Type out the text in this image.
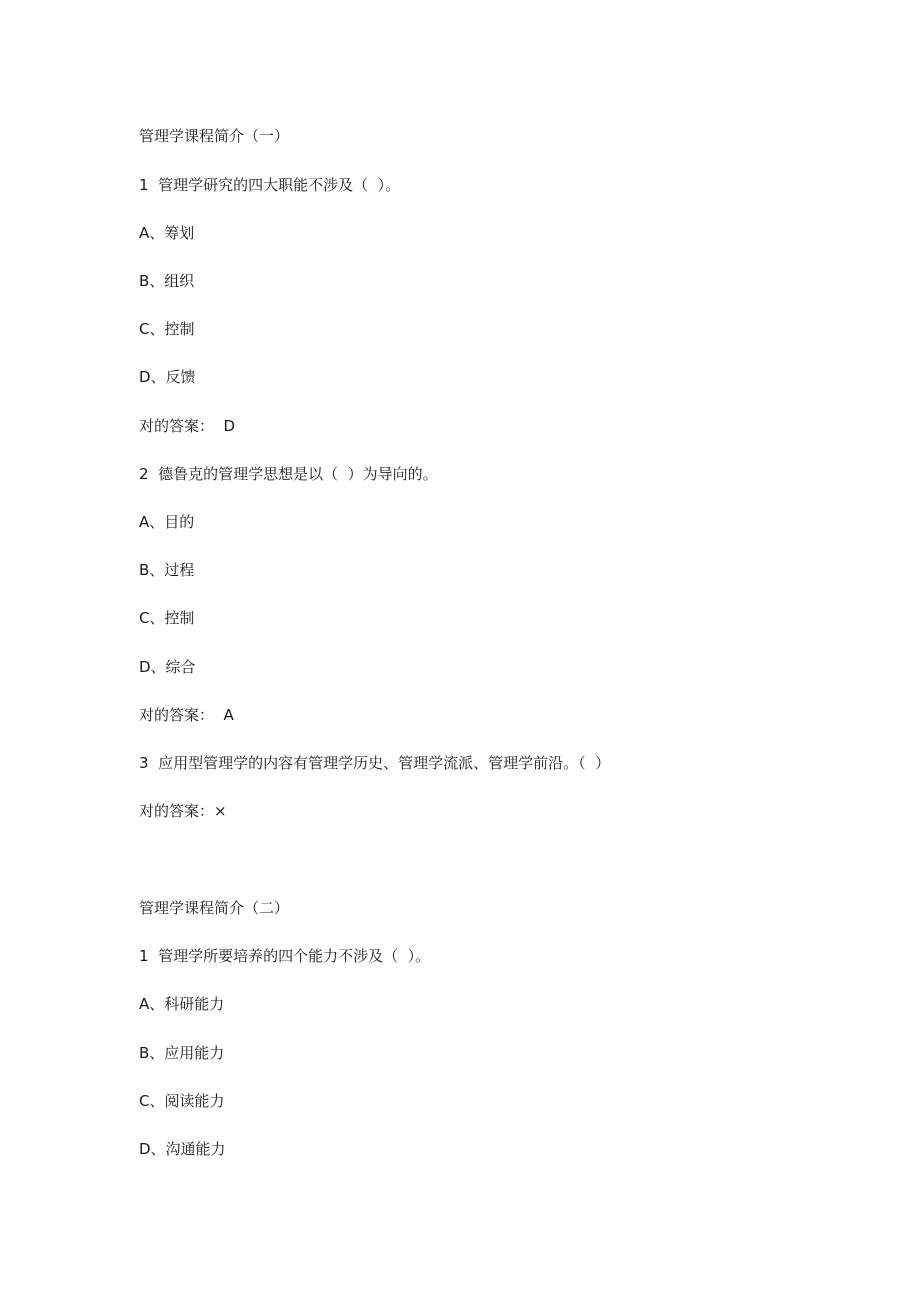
管理学课程简介（一）
1  管理学研究的四大职能不涉及（  ）。
A、筹划
B、组织
C、控制
D、反馈
对的答案：  D
2  德鲁克的管理学思想是以（  ）为导向的。
A、目的
B、过程
C、控制
D、综合
对的答案：  A
3  应用型管理学的内容有管理学历史、管理学流派、管理学前沿。（  ）
对的答案：×
管理学课程简介（二）
1  管理学所要培养的四个能力不涉及（  ）。
A、科研能力
B、应用能力
C、阅读能力
D、沟通能力
